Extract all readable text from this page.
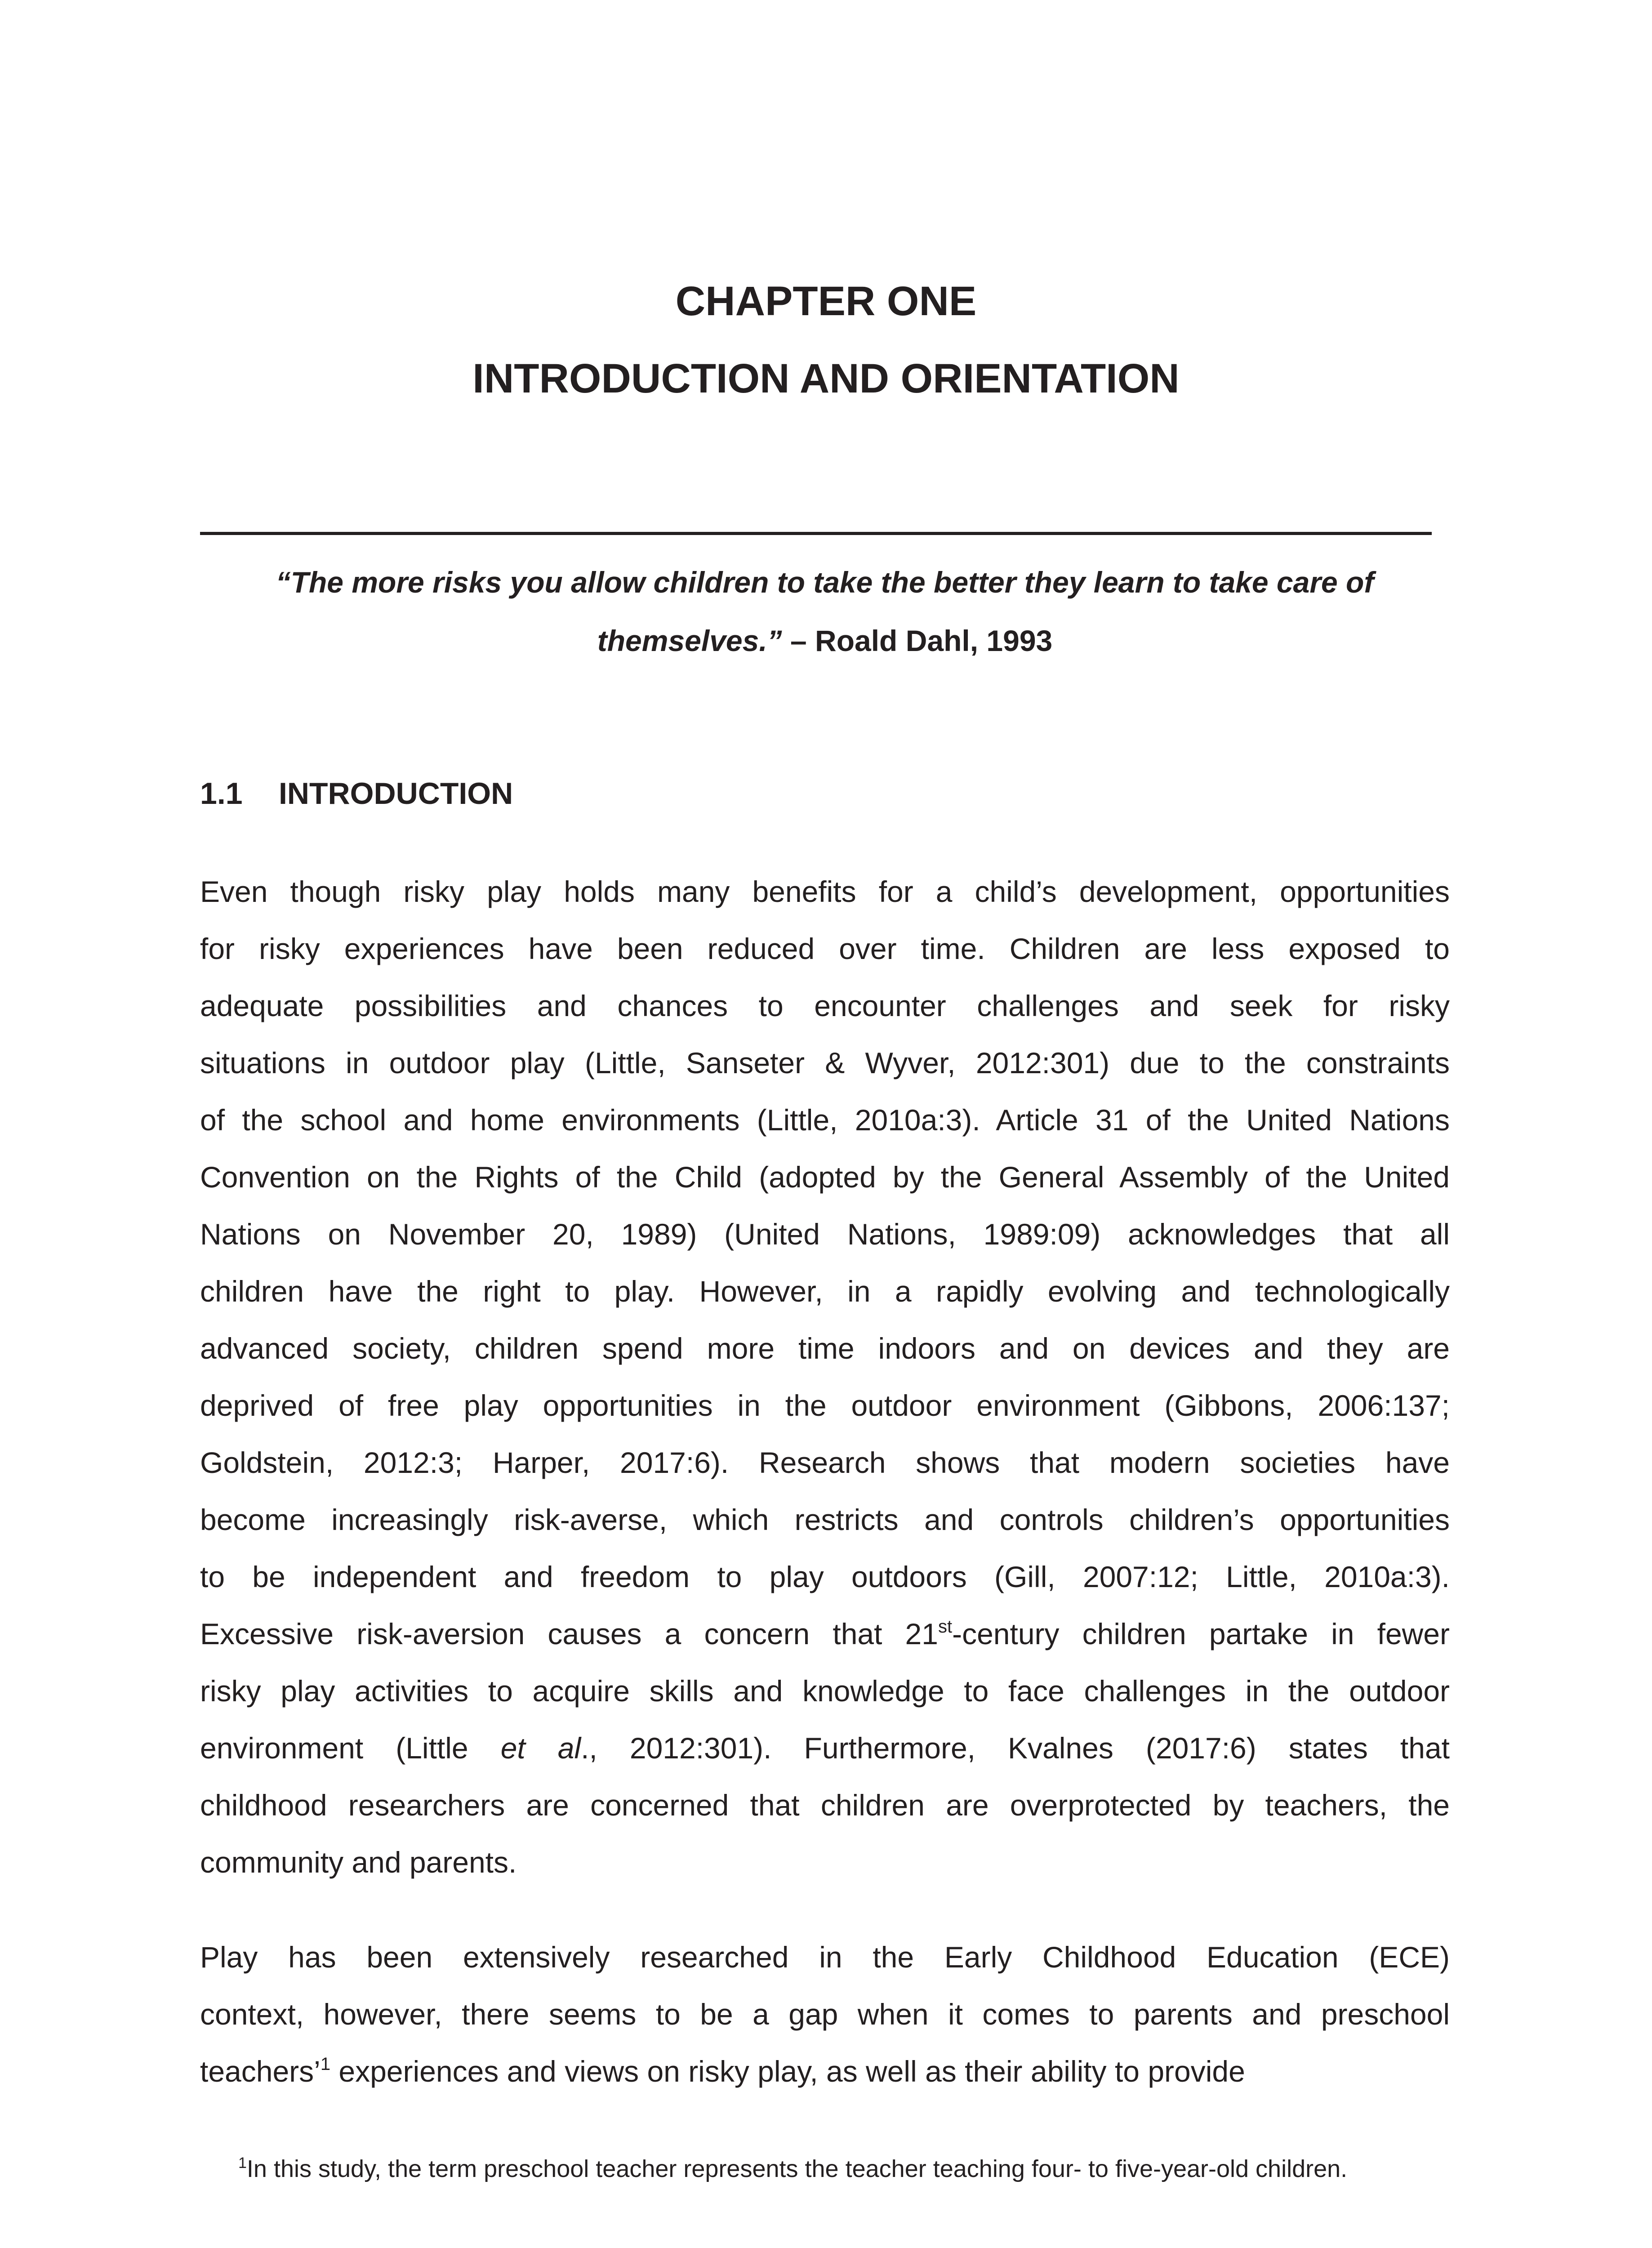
CHAPTER ONE
INTRODUCTION AND ORIENTATION

“The more risks you allow children to take the better they learn to take care of

themselves.” – Roald Dahl, 1993

1.1 INTRODUCTION
Even though risky play holds many benefits for a child’s development, opportunities
for risky experiences have been reduced over time. Children are less exposed to
adequate possibilities and chances to encounter challenges and seek for risky
situations in outdoor play (Little, Sanseter & Wyver, 2012:301) due to the constraints
of the school and home environments (Little, 2010a:3). Article 31 of the United Nations
Convention on the Rights of the Child (adopted by the General Assembly of the United
Nations on November 20, 1989) (United Nations, 1989:09) acknowledges that all
children have the right to play. However, in a rapidly evolving and technologically
advanced society, children spend more time indoors and on devices and they are
deprived of free play opportunities in the outdoor environment (Gibbons, 2006:137;
Goldstein, 2012:3; Harper, 2017:6). Research shows that modern societies have
become increasingly risk-averse, which restricts and controls children’s opportunities
to be independent and freedom to play outdoors (Gill, 2007:12; Little, 2010a:3).
Excessive risk-aversion causes a concern that 21st-century children partake in fewer
risky play activities to acquire skills and knowledge to face challenges in the outdoor
environment (Little et al., 2012:301). Furthermore, Kvalnes (2017:6) states that
childhood researchers are concerned that children are overprotected by teachers, the
community and parents.
Play has been extensively researched in the Early Childhood Education (ECE)
context, however, there seems to be a gap when it comes to parents and preschool
teachers’$^1$ experiences and views on risky play, as well as their ability to provide

$^1$In this study, the term preschool teacher represents the teacher teaching four- to five-year-old children.
